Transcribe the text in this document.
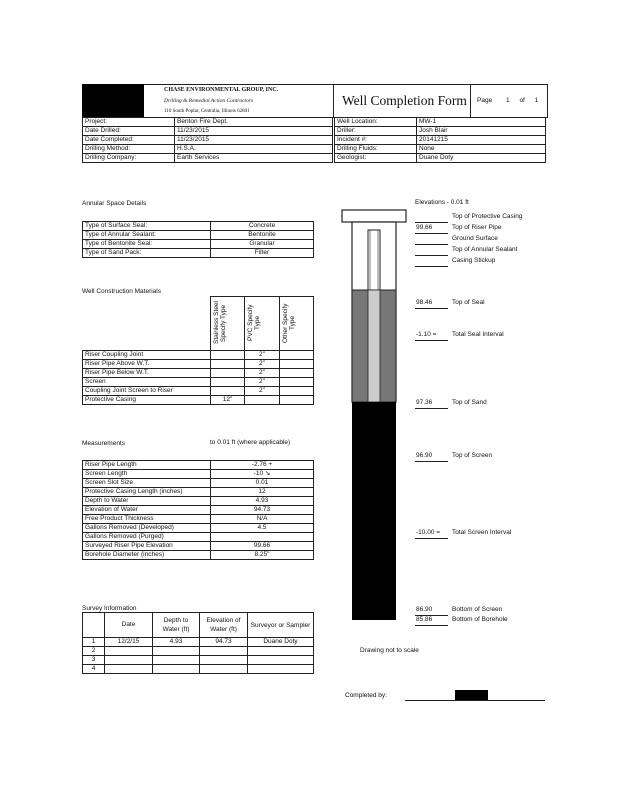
CHASE ENVIRONMENTAL GROUP, INC.
Drilling & Remedial Action Contractors
110 South Poplar, Centralia, Illinois 62801
Well Completion Form Page 1 of 1
Project:	Benton Fire Dept.
Date Drilled:	11/23/2015
Date Completed:	11/23/2015
Drilling Method:	H.S.A.
Drilling Company:	Earth Services
Well Location:	MW-1
Driller:	Josh Blair
Incident #:	20141215
Drilling Fluids:	None
Geologist:	Duane Doty
Annular Space Details
Type of Surface Seal:	Concrete
Type of Annular Sealant:	Bentonite
Type of Bentonite Seal:	Granular
Type of Sand Pack:	Filter
Well Construction Materials
Stainless Steel Specify Type	PVC Specify Type	Other Specify Type
Riser Coupling Joint		2"	
Riser Pipe Above W.T.		2"	
Riser Pipe Below W.T.		2"	
Screen		2"	
Coupling Joint Screen to Riser		2"	
Protective Casing	12"		
Measurements	to 0.01 ft (where applicable)
Riser Pipe Length	-2.76 +
Screen Length	-10 ↘
Screen Slot Size	0.01
Protective Casing Length (inches)	12
Depth to Water	4.93
Elevation of Water	94.73
Free Product Thickness	N/A
Gallons Removed (Developed)	4.5
Gallons Removed (Purged)	
Surveyed Riser Pipe Elevation	99.66
Borehole Diameter (inches)	8.25"
Survey Information
	Date	Depth to Water (ft)	Elevation of Water (ft)	Surveyor or Sampler
1	12/2/15	4.93	94.73	Duane Doty
2				
3				
4				
Elevations - 0.01 ft
Top of Protective Casing
99.66	Top of Riser Pipe
Ground Surface
Top of Annular Sealant
Casing Stickup
98.46	Top of Seal
-1.10 =	Total Seal Interval
97.36	Top of Sand
96.90	Top of Screen
-10.00 =	Total Screen Interval
86.90	Bottom of Screen
85.86	Bottom of Borehole
Drawing not to scale
Completed by:
